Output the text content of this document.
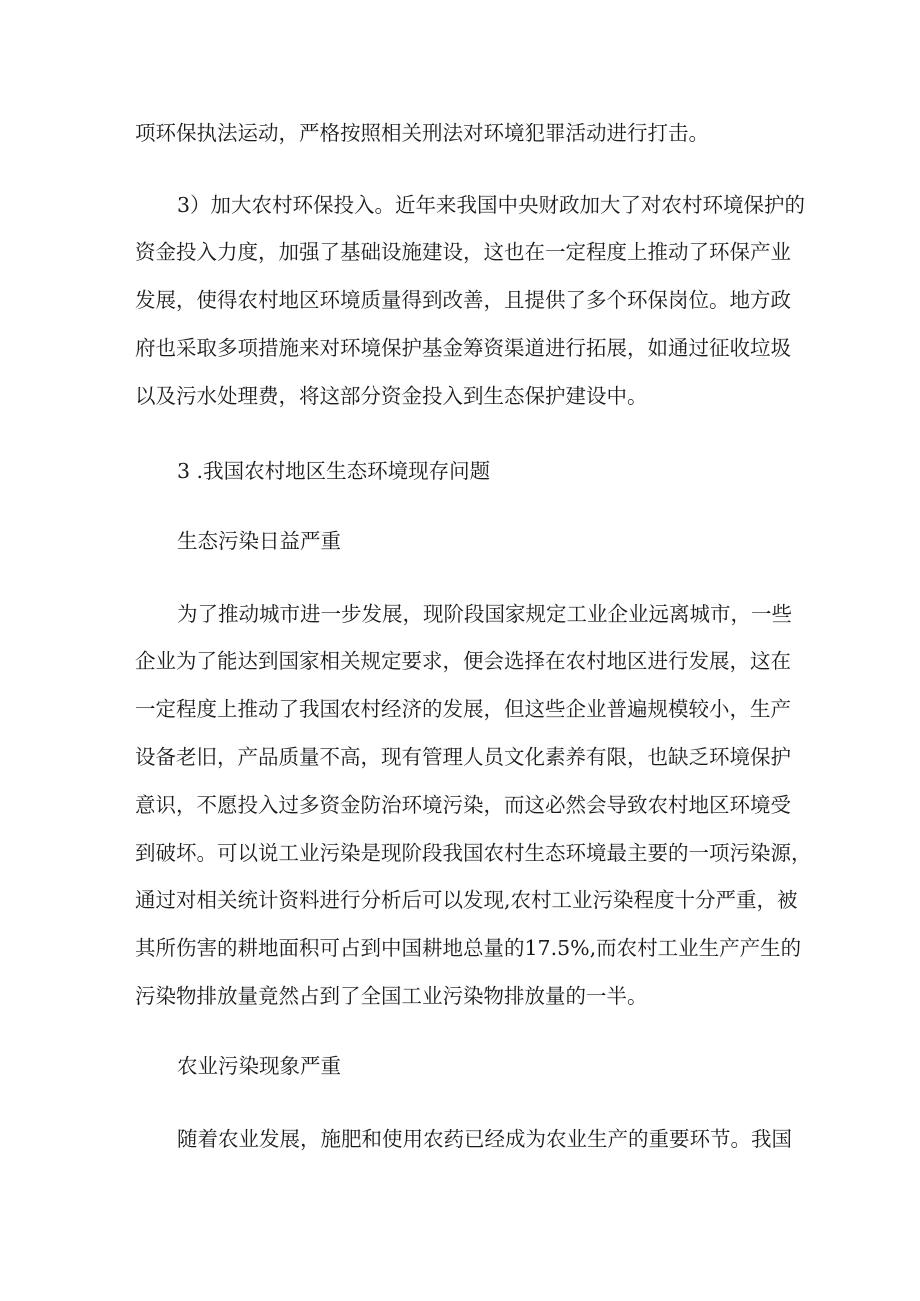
项环保执法运动，严格按照相关刑法对环境犯罪活动进行打击。
3）加大农村环保投入。近年来我国中央财政加大了对农村环境保护的
资金投入力度，加强了基础设施建设，这也在一定程度上推动了环保产业
发展，使得农村地区环境质量得到改善，且提供了多个环保岗位。地方政
府也采取多项措施来对环境保护基金筹资渠道进行拓展，如通过征收垃圾
以及污水处理费，将这部分资金投入到生态保护建设中。
3 .我国农村地区生态环境现存问题
生态污染日益严重
为了推动城市进一步发展，现阶段国家规定工业企业远离城市，一些
企业为了能达到国家相关规定要求，便会选择在农村地区进行发展，这在
一定程度上推动了我国农村经济的发展，但这些企业普遍规模较小，生产
设备老旧，产品质量不高，现有管理人员文化素养有限，也缺乏环境保护
意识，不愿投入过多资金防治环境污染，而这必然会导致农村地区环境受
到破坏。可以说工业污染是现阶段我国农村生态环境最主要的一项污染源，
通过对相关统计资料进行分析后可以发现,农村工业污染程度十分严重，被
其所伤害的耕地面积可占到中国耕地总量的17.5%,而农村工业生产产生的
污染物排放量竟然占到了全国工业污染物排放量的一半。
农业污染现象严重
随着农业发展，施肥和使用农药已经成为农业生产的重要环节。我国
